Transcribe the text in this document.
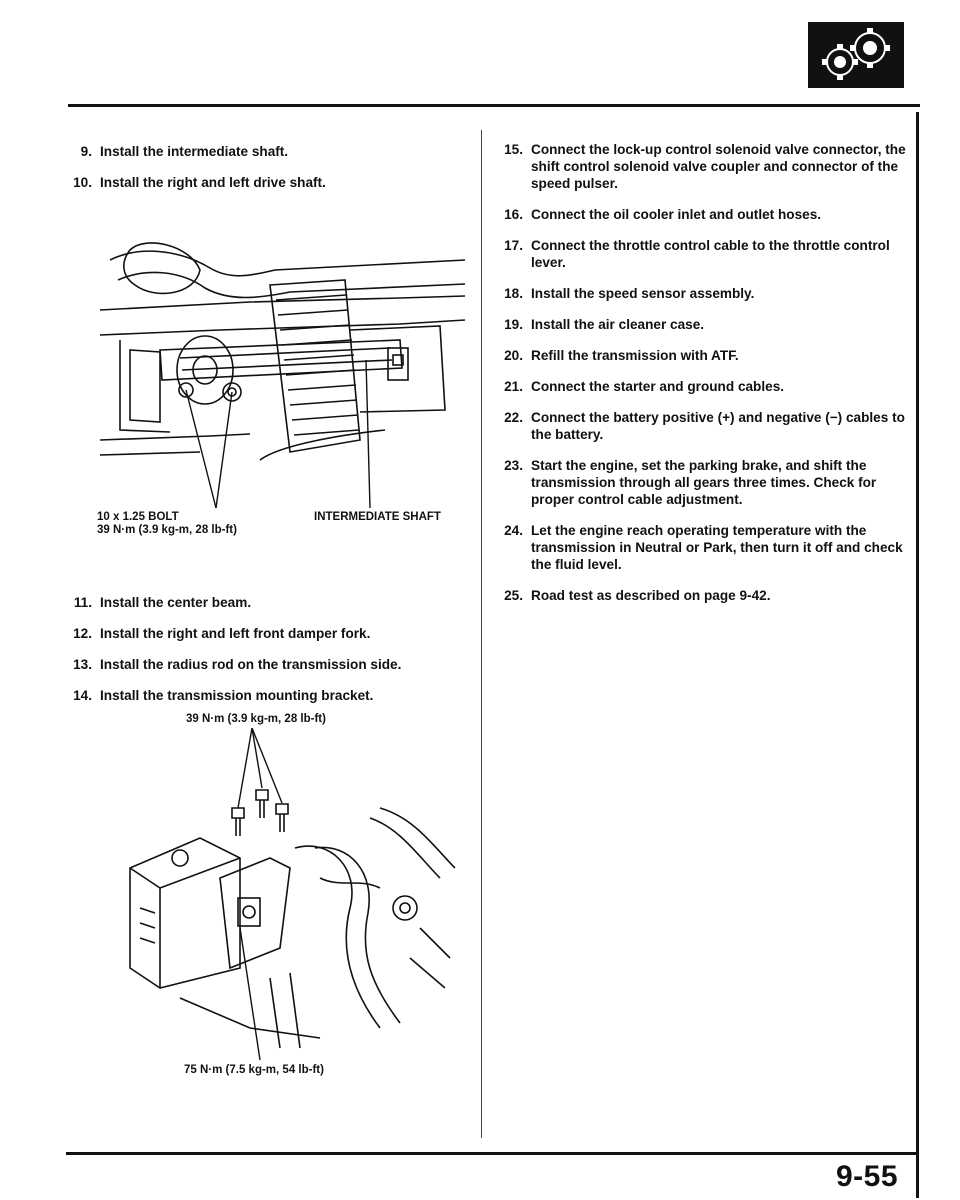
9. Install the intermediate shaft.
10. Install the right and left drive shaft.
10 x 1.25 BOLT
39 N·m (3.9 kg-m, 28 lb-ft)
INTERMEDIATE SHAFT
11. Install the center beam.
12. Install the right and left front damper fork.
13. Install the radius rod on the transmission side.
14. Install the transmission mounting bracket.
39 N·m (3.9 kg-m, 28 lb-ft)
75 N·m (7.5 kg-m, 54 lb-ft)
15. Connect the lock-up control solenoid valve connector, the shift control solenoid valve coupler and connector of the speed pulser.
16. Connect the oil cooler inlet and outlet hoses.
17. Connect the throttle control cable to the throttle control lever.
18. Install the speed sensor assembly.
19. Install the air cleaner case.
20. Refill the transmission with ATF.
21. Connect the starter and ground cables.
22. Connect the battery positive (+) and negative (−) cables to the battery.
23. Start the engine, set the parking brake, and shift the transmission through all gears three times. Check for proper control cable adjustment.
24. Let the engine reach operating temperature with the transmission in Neutral or Park, then turn it off and check the fluid level.
25. Road test as described on page 9-42.
9-55
